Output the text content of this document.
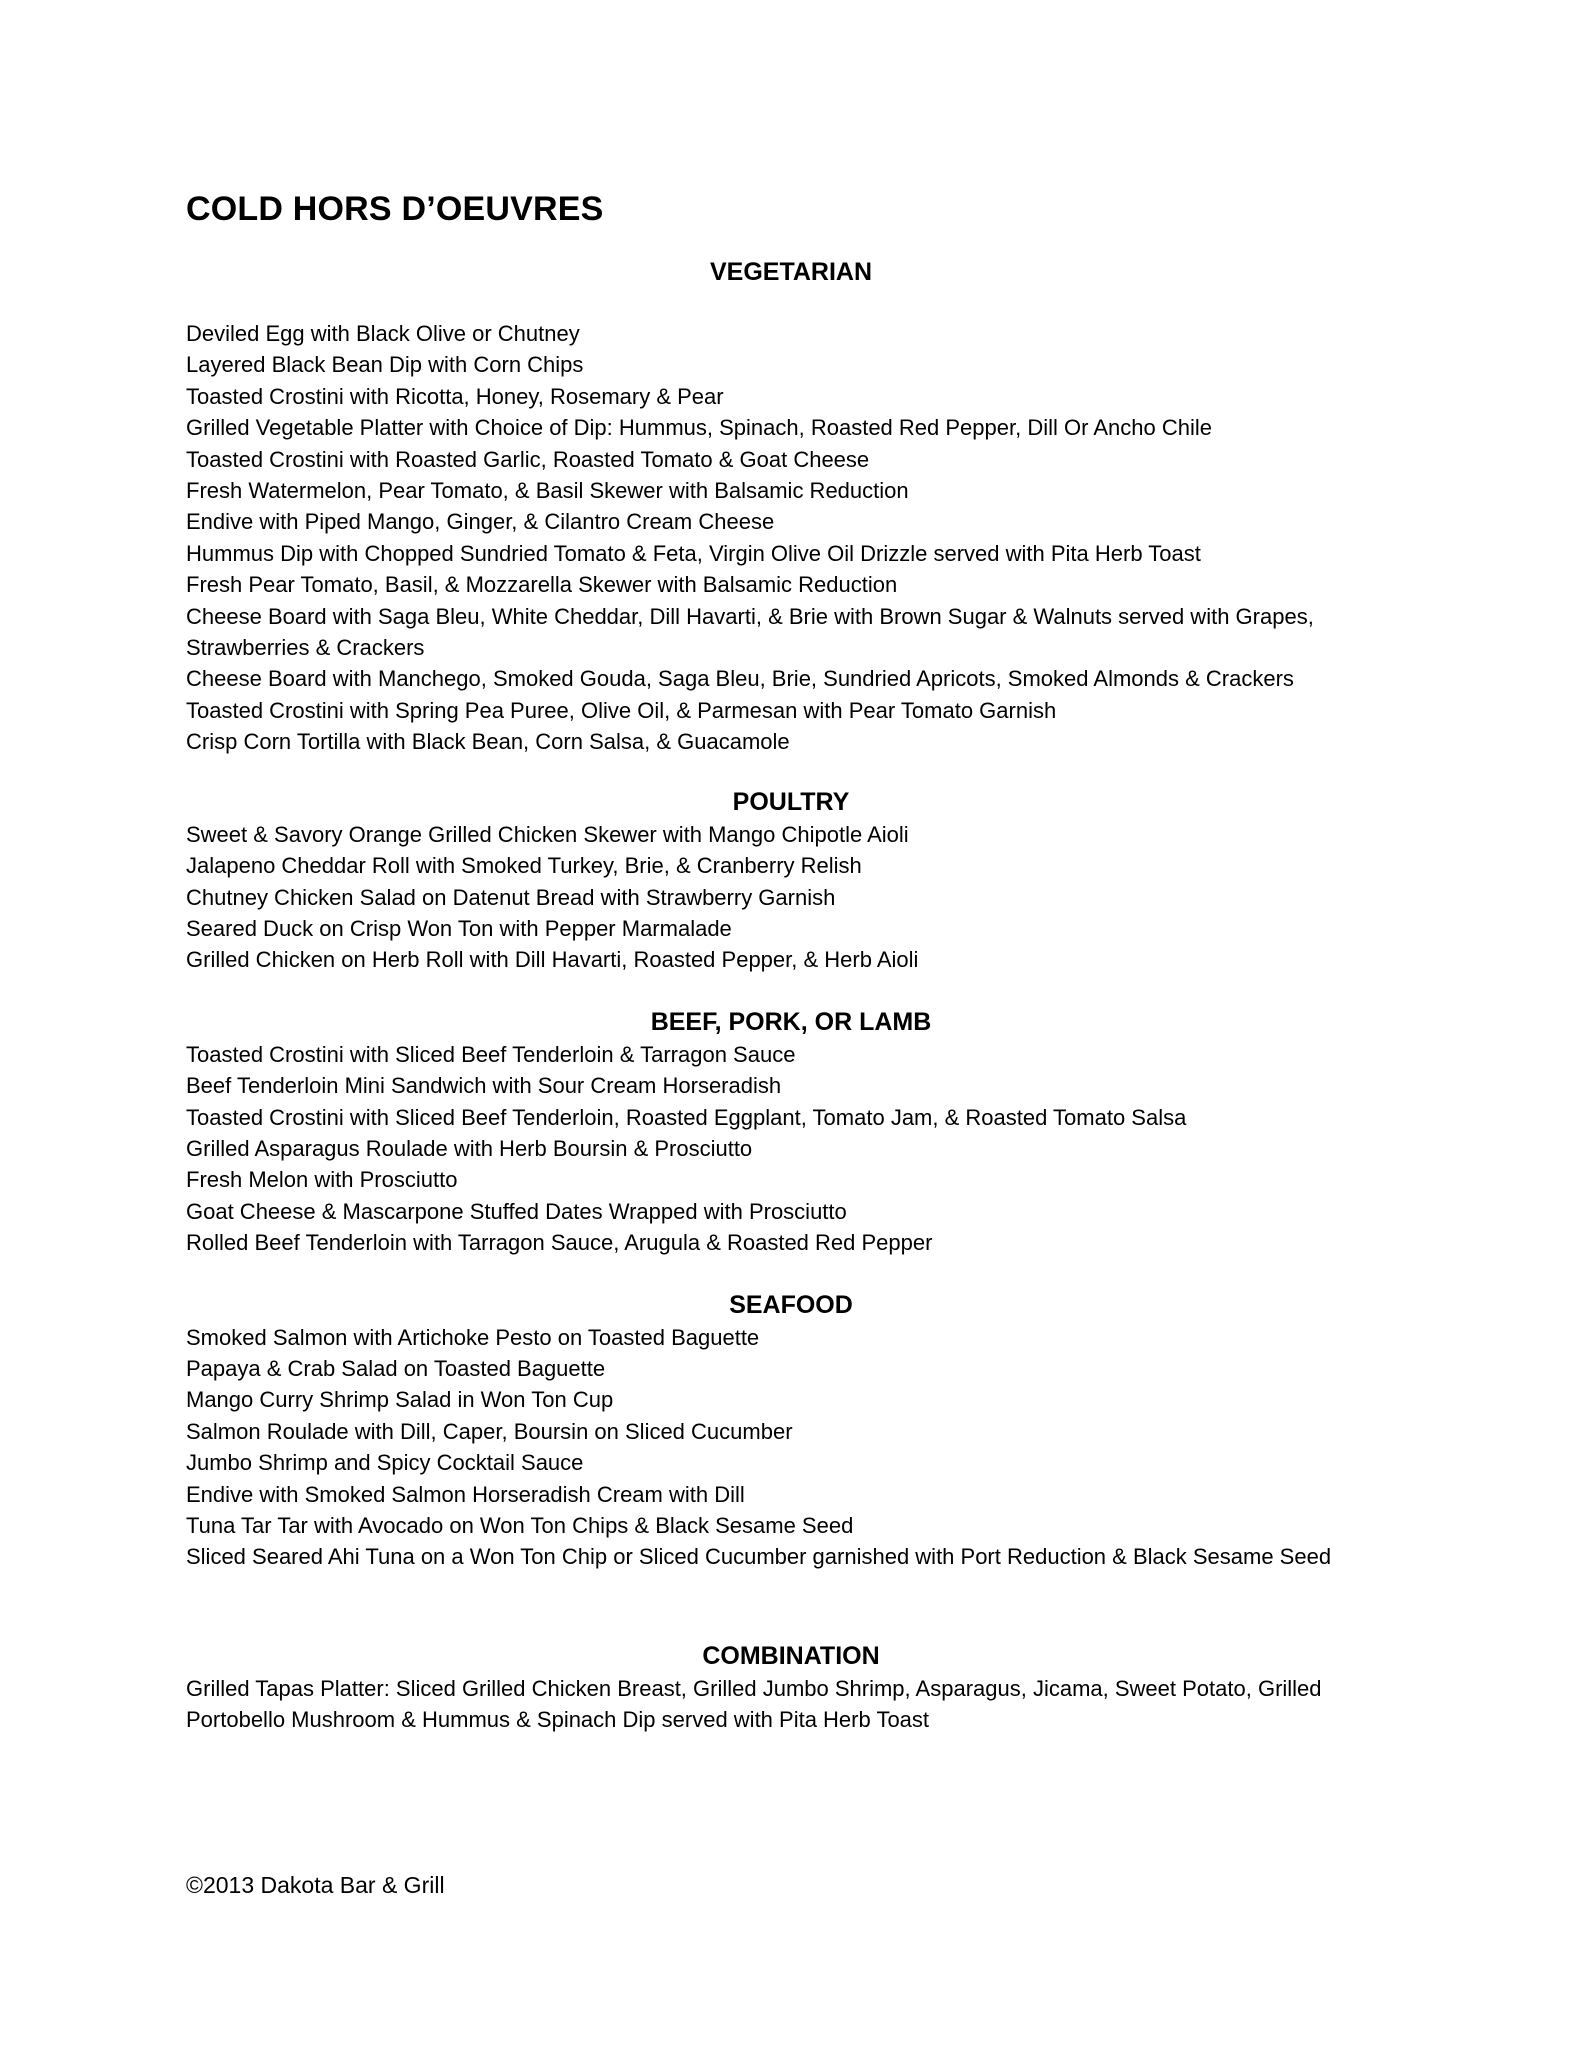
COLD HORS D’OEUVRES
VEGETARIAN
Deviled Egg with Black Olive or Chutney
Layered Black Bean Dip with Corn Chips
Toasted Crostini with Ricotta, Honey, Rosemary & Pear
Grilled Vegetable Platter with Choice of Dip: Hummus, Spinach, Roasted Red Pepper, Dill Or Ancho Chile
Toasted Crostini with Roasted Garlic, Roasted Tomato & Goat Cheese
Fresh Watermelon, Pear Tomato, & Basil Skewer with Balsamic Reduction
Endive with Piped Mango, Ginger, & Cilantro Cream Cheese
Hummus Dip with Chopped Sundried Tomato & Feta, Virgin Olive Oil Drizzle served with Pita Herb Toast
Fresh Pear Tomato, Basil, & Mozzarella Skewer with Balsamic Reduction
Cheese Board with Saga Bleu, White Cheddar, Dill Havarti, & Brie with Brown Sugar & Walnuts served with Grapes, Strawberries & Crackers
Cheese Board with Manchego, Smoked Gouda, Saga Bleu, Brie, Sundried Apricots, Smoked Almonds & Crackers
Toasted Crostini with Spring Pea Puree, Olive Oil, & Parmesan with Pear Tomato Garnish
Crisp Corn Tortilla with Black Bean, Corn Salsa, & Guacamole
POULTRY
Sweet & Savory Orange Grilled Chicken Skewer with Mango Chipotle Aioli
Jalapeno Cheddar Roll with Smoked Turkey, Brie, & Cranberry Relish
Chutney Chicken Salad on Datenut Bread with Strawberry Garnish
Seared Duck on Crisp Won Ton with Pepper Marmalade
Grilled Chicken on Herb Roll with Dill Havarti, Roasted Pepper, & Herb Aioli
BEEF, PORK, OR LAMB
Toasted Crostini with Sliced Beef Tenderloin & Tarragon Sauce
Beef Tenderloin Mini Sandwich with Sour Cream Horseradish
Toasted Crostini with Sliced Beef Tenderloin, Roasted Eggplant, Tomato Jam, & Roasted Tomato Salsa
Grilled Asparagus Roulade with Herb Boursin & Prosciutto
Fresh Melon with Prosciutto
Goat Cheese & Mascarpone Stuffed Dates Wrapped with Prosciutto
Rolled Beef Tenderloin with Tarragon Sauce, Arugula & Roasted Red Pepper
SEAFOOD
Smoked Salmon with Artichoke Pesto on Toasted Baguette
Papaya & Crab Salad on Toasted Baguette
Mango Curry Shrimp Salad in Won Ton Cup
Salmon Roulade with Dill, Caper, Boursin on Sliced Cucumber
Jumbo Shrimp and Spicy Cocktail Sauce
Endive with Smoked Salmon Horseradish Cream with Dill
Tuna Tar Tar with Avocado on Won Ton Chips & Black Sesame Seed
Sliced Seared Ahi Tuna on a Won Ton Chip or Sliced Cucumber garnished with Port Reduction & Black Sesame Seed
COMBINATION
Grilled Tapas Platter: Sliced Grilled Chicken Breast, Grilled Jumbo Shrimp, Asparagus, Jicama, Sweet Potato, Grilled Portobello Mushroom & Hummus & Spinach Dip served with Pita Herb Toast

©2013 Dakota Bar & Grill
